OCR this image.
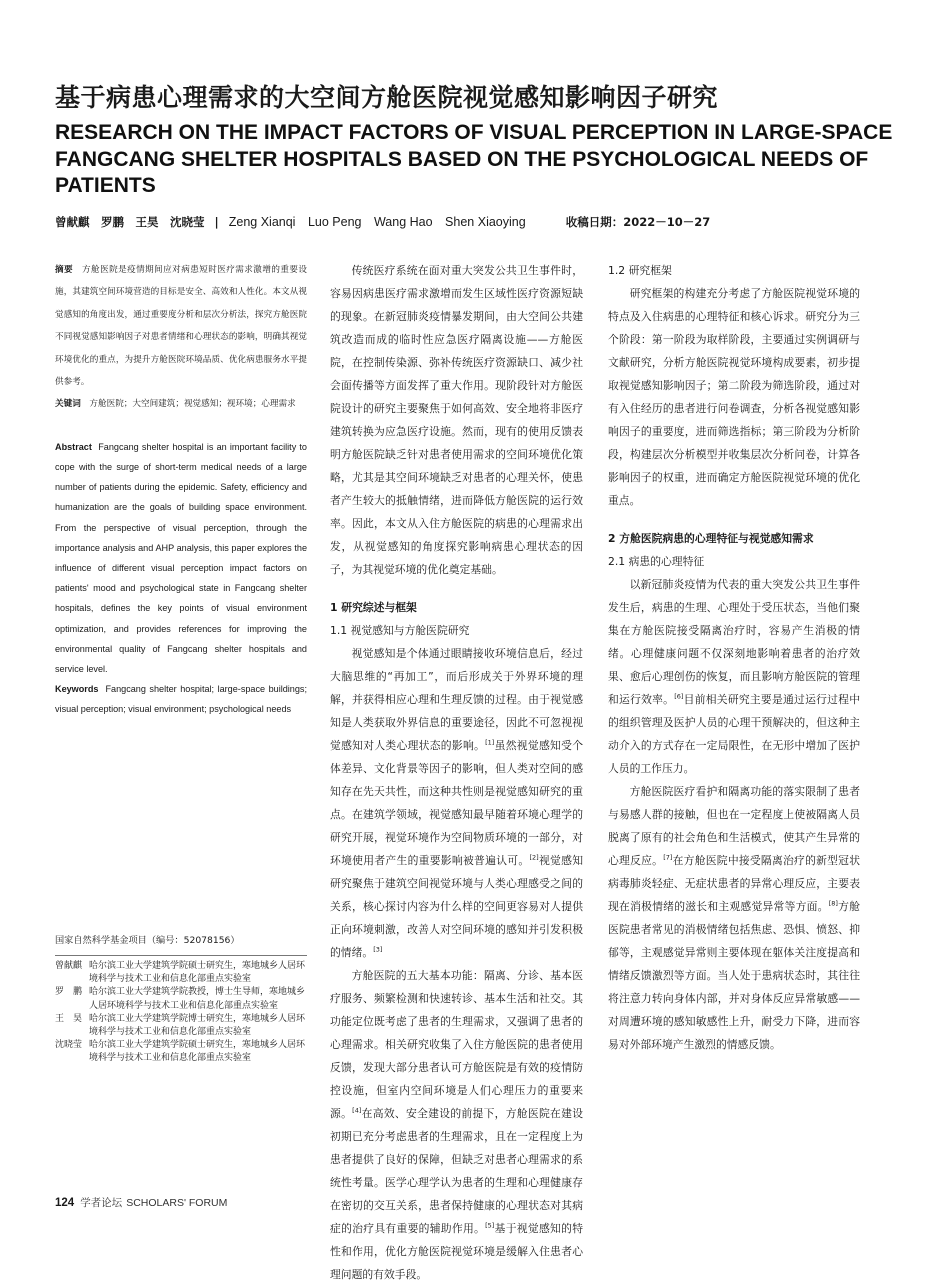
基于病患心理需求的大空间方舱医院视觉感知影响因子研究
RESEARCH ON THE IMPACT FACTORS OF VISUAL PERCEPTION IN LARGE-SPACE FANGCANG SHELTER HOSPITALS BASED ON THE PSYCHOLOGICAL NEEDS OF PATIENTS
曾献麒　罗鹏　王昊　沈晓莹 | Zeng Xianqi　Luo Peng　Wang Hao　Shen Xiaoying	收稿日期：2022－10－27

摘要　 方舱医院是疫情期间应对病患短时医疗需求激增的重要设施，其建筑空间环境营造的目标是安全、高效和人性化。本文从视觉感知的角度出发，通过重要度分析和层次分析法，探究方舱医院不同视觉感知影响因子对患者情绪和心理状态的影响，明确其视觉环境优化的重点，为提升方舱医院环境品质、优化病患服务水平提供参考。

关键词　 方舱医院；大空间建筑；视觉感知；视环境；心理需求

Abstract Fangcang shelter hospital is an important facility to cope with the surge of short-term medical needs of a large number of patients during the epidemic. Safety, efficiency and humanization are the goals of building space environment. From the perspective of visual perception, through the importance analysis and AHP analysis, this paper explores the influence of different visual perception impact factors on patients' mood and psychological state in Fangcang shelter hospitals, defines the key points of visual environment optimization, and provides references for improving the environmental quality of Fangcang shelter hospitals and service level.

Keywords Fangcang shelter hospital; large-space buildings; visual perception; visual environment; psychological needs

国家自然科学基金项目（编号：52078156）

曾献麒 哈尔滨工业大学建筑学院硕士研究生，寒地城乡人居环境科学与技术工业和信息化部重点实验室
罗　鹏 哈尔滨工业大学建筑学院教授，博士生导师，寒地城乡人居环境科学与技术工业和信息化部重点实验室
王　昊 哈尔滨工业大学建筑学院博士研究生，寒地城乡人居环境科学与技术工业和信息化部重点实验室
沈晓莹 哈尔滨工业大学建筑学院硕士研究生，寒地城乡人居环境科学与技术工业和信息化部重点实验室

传统医疗系统在面对重大突发公共卫生事件时，容易因病患医疗需求激增而发生区域性医疗资源短缺的现象。在新冠肺炎疫情暴发期间，由大空间公共建筑改造而成的临时性应急医疗隔离设施——方舱医院，在控制传染源、弥补传统医疗资源缺口、减少社会面传播等方面发挥了重大作用。现阶段针对方舱医院设计的研究主要聚焦于如何高效、安全地将非医疗建筑转换为应急医疗设施。然而，现有的使用反馈表明方舱医院缺乏针对患者使用需求的空间环境优化策略，尤其是其空间环境缺乏对患者的心理关怀，使患者产生较大的抵触情绪，进而降低方舱医院的运行效率。因此，本文从入住方舱医院的病患的心理需求出发，从视觉感知的角度探究影响病患心理状态的因子，为其视觉环境的优化奠定基础。

1 研究综述与框架

1.1 视觉感知与方舱医院研究

视觉感知是个体通过眼睛接收环境信息后，经过大脑思维的“再加工”，而后形成关于外界环境的理解，并获得相应心理和生理反馈的过程。由于视觉感知是人类获取外界信息的重要途径，因此不可忽视视觉感知对人类心理状态的影响。[1]虽然视觉感知受个体差异、文化背景等因子的影响，但人类对空间的感知存在先天共性，而这种共性则是视觉感知研究的重点。在建筑学领域，视觉感知最早随着环境心理学的研究开展，视觉环境作为空间物质环境的一部分，对环境使用者产生的重要影响被普遍认可。[2]视觉感知研究聚焦于建筑空间视觉环境与人类心理感受之间的关系，核心探讨内容为什么样的空间更容易对人提供正向环境刺激，改善人对空间环境的感知并引发积极的情绪。[3]

方舱医院的五大基本功能：隔离、分诊、基本医疗服务、频繁检测和快速转诊、基本生活和社交。其功能定位既考虑了患者的生理需求，又强调了患者的心理需求。相关研究收集了入住方舱医院的患者使用反馈，发现大部分患者认可方舱医院是有效的疫情防控设施，但室内空间环境是人们心理压力的重要来源。[4]在高效、安全建设的前提下，方舱医院在建设初期已充分考虑患者的生理需求，且在一定程度上为患者提供了良好的保障，但缺乏对患者心理需求的系统性考量。医学心理学认为患者的生理和心理健康存在密切的交互关系，患者保持健康的心理状态对其病症的治疗具有重要的辅助作用。[5]基于视觉感知的特性和作用，优化方舱医院视觉环境是缓解入住患者心理问题的有效手段。

1.2 研究框架

研究框架的构建充分考虑了方舱医院视觉环境的特点及入住病患的心理特征和核心诉求。研究分为三个阶段：第一阶段为取样阶段，主要通过实例调研与文献研究，分析方舱医院视觉环境构成要素，初步提取视觉感知影响因子；第二阶段为筛选阶段，通过对有入住经历的患者进行问卷调查，分析各视觉感知影响因子的重要度，进而筛选指标；第三阶段为分析阶段，构建层次分析模型并收集层次分析问卷，计算各影响因子的权重，进而确定方舱医院视觉环境的优化重点。

2 方舱医院病患的心理特征与视觉感知需求

2.1 病患的心理特征

以新冠肺炎疫情为代表的重大突发公共卫生事件发生后，病患的生理、心理处于受压状态，当他们聚集在方舱医院接受隔离治疗时，容易产生消极的情绪。心理健康问题不仅深刻地影响着患者的治疗效果、愈后心理创伤的恢复，而且影响方舱医院的管理和运行效率。[6]目前相关研究主要是通过运行过程中的组织管理及医护人员的心理干预解决的，但这种主动介入的方式存在一定局限性，在无形中增加了医护人员的工作压力。

方舱医院医疗看护和隔离功能的落实限制了患者与易感人群的接触，但也在一定程度上使被隔离人员脱离了原有的社会角色和生活模式，使其产生异常的心理反应。[7]在方舱医院中接受隔离治疗的新型冠状病毒肺炎轻症、无症状患者的异常心理反应，主要表现在消极情绪的滋长和主观感觉异常等方面。[8]方舱医院患者常见的消极情绪包括焦虑、恐惧、愤怒、抑郁等，主观感觉异常则主要体现在躯体关注度提高和情绪反馈激烈等方面。当人处于患病状态时，其往往将注意力转向身体内部，并对身体反应异常敏感——对周遭环境的感知敏感性上升，耐受力下降，进而容易对外部环境产生激烈的情感反馈。

124 学者论坛 SCHOLARS' FORUM
